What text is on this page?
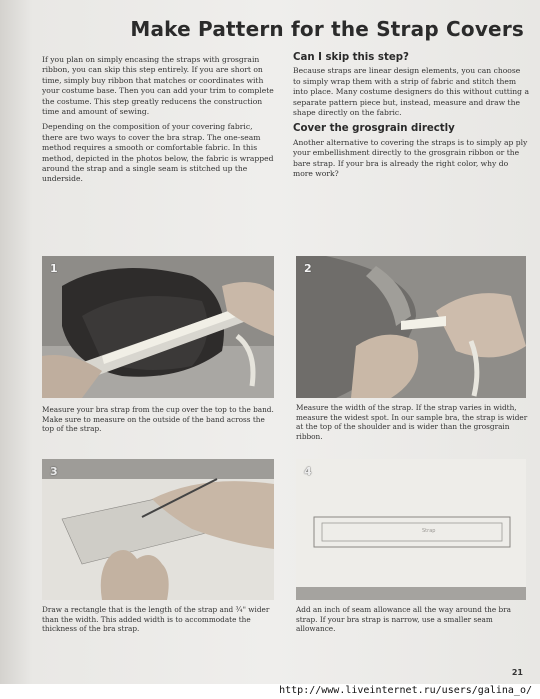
Make Pattern for the Strap Covers

If you plan on simply encasing the straps with grosgrain ribbon, you can skip this step entirely. If you are short on time, simply buy ribbon that matches or coordinates with your costume base. Then you can add your trim to complete the costume. This step greatly reducens the construction time and amount of sewing.

Depending on the composition of your covering fabric, there are two ways to cover the bra strap. The one-seam method requires a smooth or comfortable fabric. In this method, depicted in the photos below, the fabric is wrapped around the strap and a single seam is stitched up the underside.

Can I skip this step?

Because straps are linear design elements, you can choose to simply wrap them with a strip of fabric and stitch them into place. Many costume designers do this without cutting a separate pattern piece but, instead, measure and draw the shape directly on the fabric.

Cover the grosgrain directly

Another alternative to covering the straps is to simply ap ply your embellishment directly to the grosgrain ribbon or the bare strap. If your bra is already the right color, why do more work?

1
Measure your bra strap from the cup over the top to the band. Make sure to measure on the outside of the band across the top of the strap.
2
Measure the width of the strap. If the strap varies in width, measure the widest spot. In our sample bra, the strap is wider at the top of the shoulder and is wider than the grosgrain ribbon.
3
Draw a rectangle that is the length of the strap and ¾" wider than the width. This added width is to accommodate the thickness of the bra strap.
Strap
4
Add an inch of seam allowance all the way around the bra strap. If your bra strap is narrow, use a smaller seam allowance.
21
http://www.liveinternet.ru/users/galina_o/
